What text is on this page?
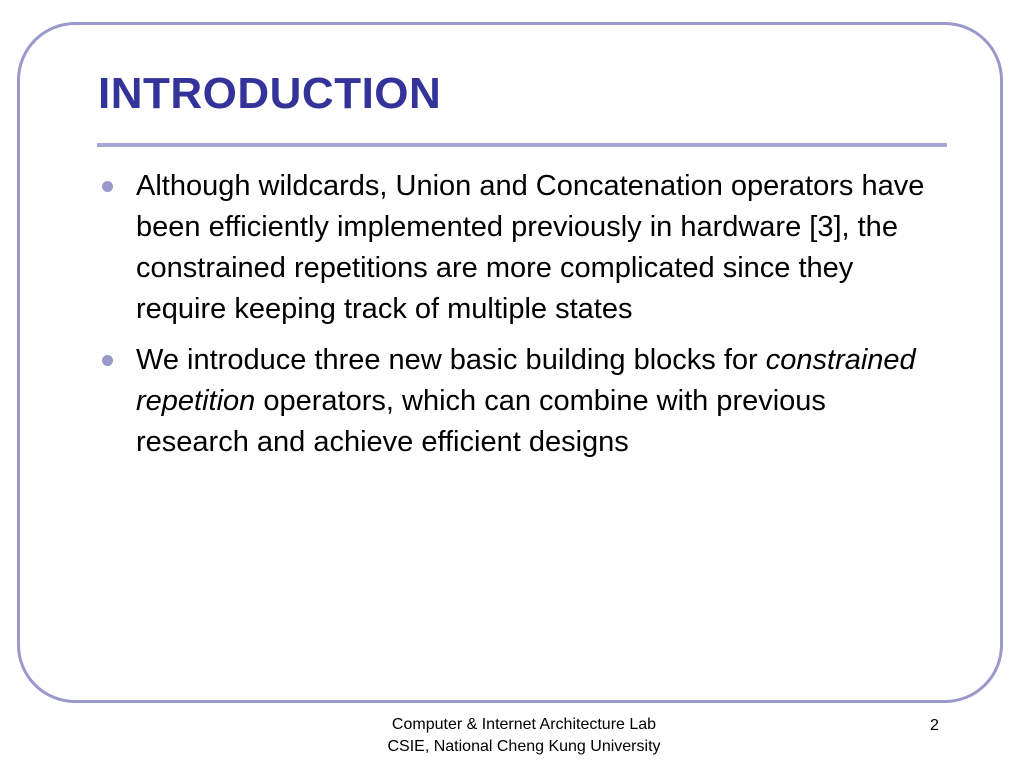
INTRODUCTION
Although wildcards, Union and Concatenation operators have been efficiently implemented previously in hardware [3], the constrained repetitions are more complicated since they require keeping track of multiple states
We introduce three new basic building blocks for constrained repetition operators, which can combine with previous research and achieve efficient designs
Computer & Internet Architecture Lab
CSIE, National Cheng Kung University
2
